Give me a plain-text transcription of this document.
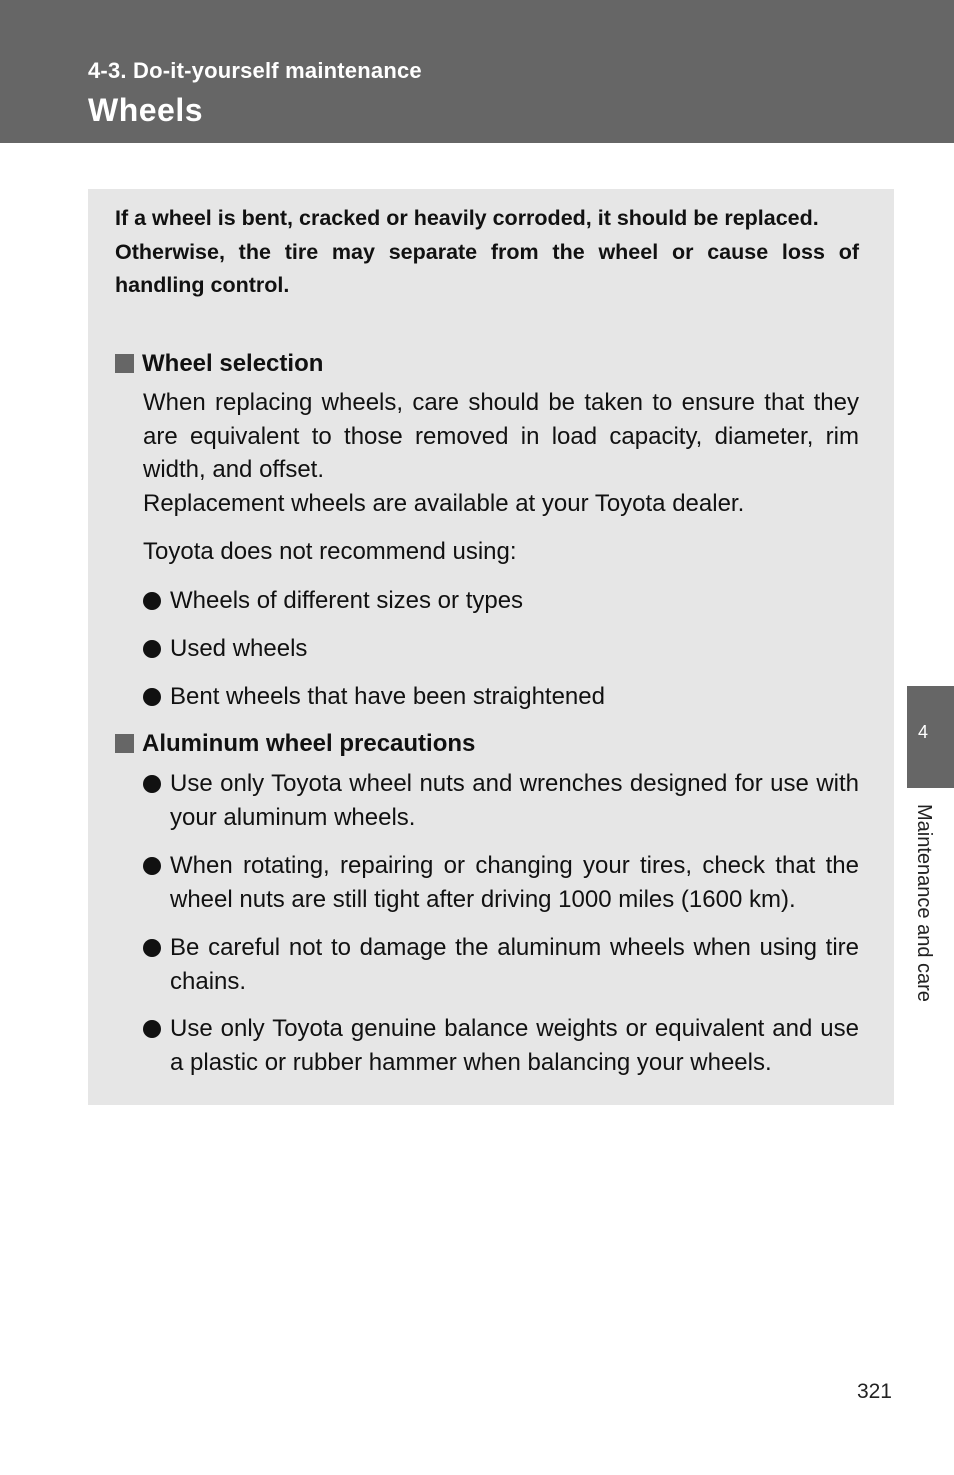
4-3. Do-it-yourself maintenance
Wheels

If a wheel is bent, cracked or heavily corroded, it should be replaced.

Otherwise, the tire may separate from the wheel or cause loss of handling control.

Wheel selection

When replacing wheels, care should be taken to ensure that they are equivalent to those removed in load capacity, diameter, rim width, and offset.

Replacement wheels are available at your Toyota dealer.

Toyota does not recommend using:

Wheels of different sizes or types
Used wheels
Bent wheels that have been straightened
Aluminum wheel precautions
Use only Toyota wheel nuts and wrenches designed for use with your aluminum wheels.
When rotating, repairing or changing your tires, check that the wheel nuts are still tight after driving 1000 miles (1600 km).
Be careful not to damage the aluminum wheels when using tire chains.
Use only Toyota genuine balance weights or equivalent and use a plastic or rubber hammer when balancing your wheels.
4
Maintenance and care
321
